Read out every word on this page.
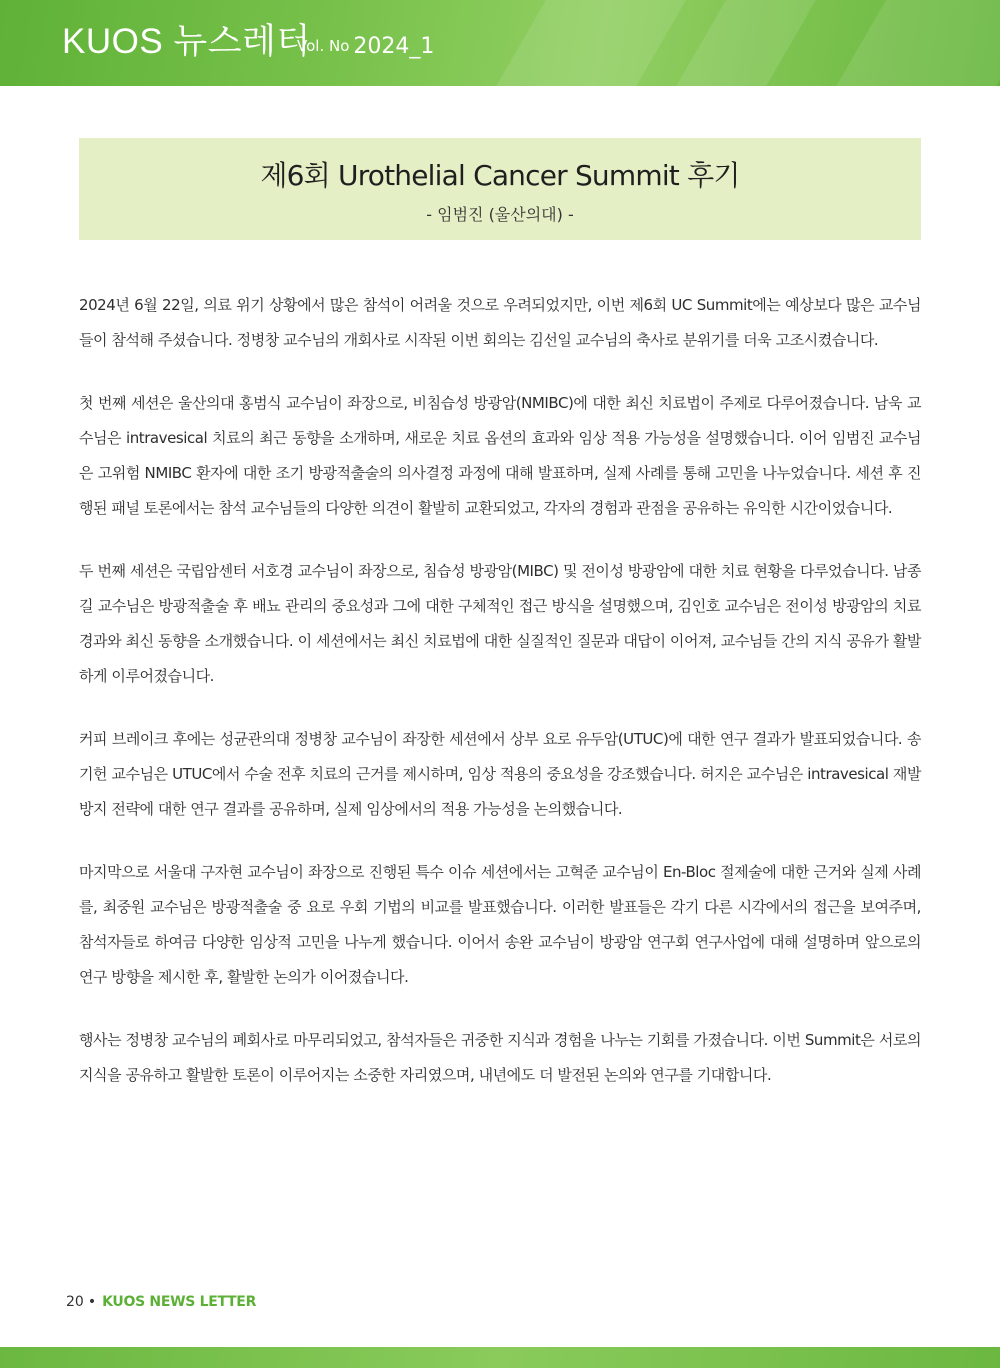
KUOS 뉴스레터
Vol. No 2024_1
제6회 Urothelial Cancer Summit 후기
- 임범진 (울산의대) -

2024년 6월 22일, 의료 위기 상황에서 많은 참석이 어려울 것으로 우려되었지만, 이번 제6회 UC Summit에는 예상보다 많은 교수님들이 참석해 주셨습니다. 정병창 교수님의 개회사로 시작된 이번 회의는 김선일 교수님의 축사로 분위기를 더욱 고조시켰습니다.

첫 번째 세션은 울산의대 홍범식 교수님이 좌장으로, 비침습성 방광암(NMIBC)에 대한 최신 치료법이 주제로 다루어졌습니다. 남욱 교수님은 intravesical 치료의 최근 동향을 소개하며, 새로운 치료 옵션의 효과와 임상 적용 가능성을 설명했습니다. 이어 임범진 교수님은 고위험 NMIBC 환자에 대한 조기 방광적출술의 의사결정 과정에 대해 발표하며, 실제 사례를 통해 고민을 나누었습니다. 세션 후 진행된 패널 토론에서는 참석 교수님들의 다양한 의견이 활발히 교환되었고, 각자의 경험과 관점을 공유하는 유익한 시간이었습니다.

두 번째 세션은 국립암센터 서호경 교수님이 좌장으로, 침습성 방광암(MIBC) 및 전이성 방광암에 대한 치료 현황을 다루었습니다. 남종길 교수님은 방광적출술 후 배뇨 관리의 중요성과 그에 대한 구체적인 접근 방식을 설명했으며, 김인호 교수님은 전이성 방광암의 치료 경과와 최신 동향을 소개했습니다. 이 세션에서는 최신 치료법에 대한 실질적인 질문과 대답이 이어져, 교수님들 간의 지식 공유가 활발하게 이루어졌습니다.

커피 브레이크 후에는 성균관의대 정병창 교수님이 좌장한 세션에서 상부 요로 유두암(UTUC)에 대한 연구 결과가 발표되었습니다. 송기헌 교수님은 UTUC에서 수술 전후 치료의 근거를 제시하며, 임상 적용의 중요성을 강조했습니다. 허지은 교수님은 intravesical 재발 방지 전략에 대한 연구 결과를 공유하며, 실제 임상에서의 적용 가능성을 논의했습니다.

마지막으로 서울대 구자현 교수님이 좌장으로 진행된 특수 이슈 세션에서는 고혁준 교수님이 En-Bloc 절제술에 대한 근거와 실제 사례를, 최중원 교수님은 방광적출술 중 요로 우회 기법의 비교를 발표했습니다. 이러한 발표들은 각기 다른 시각에서의 접근을 보여주며, 참석자들로 하여금 다양한 임상적 고민을 나누게 했습니다. 이어서 송완 교수님이 방광암 연구회 연구사업에 대해 설명하며 앞으로의 연구 방향을 제시한 후, 활발한 논의가 이어졌습니다.

행사는 정병창 교수님의 폐회사로 마무리되었고, 참석자들은 귀중한 지식과 경험을 나누는 기회를 가졌습니다. 이번 Summit은 서로의 지식을 공유하고 활발한 토론이 이루어지는 소중한 자리였으며, 내년에도 더 발전된 논의와 연구를 기대합니다.

20 • KUOS NEWS LETTER
